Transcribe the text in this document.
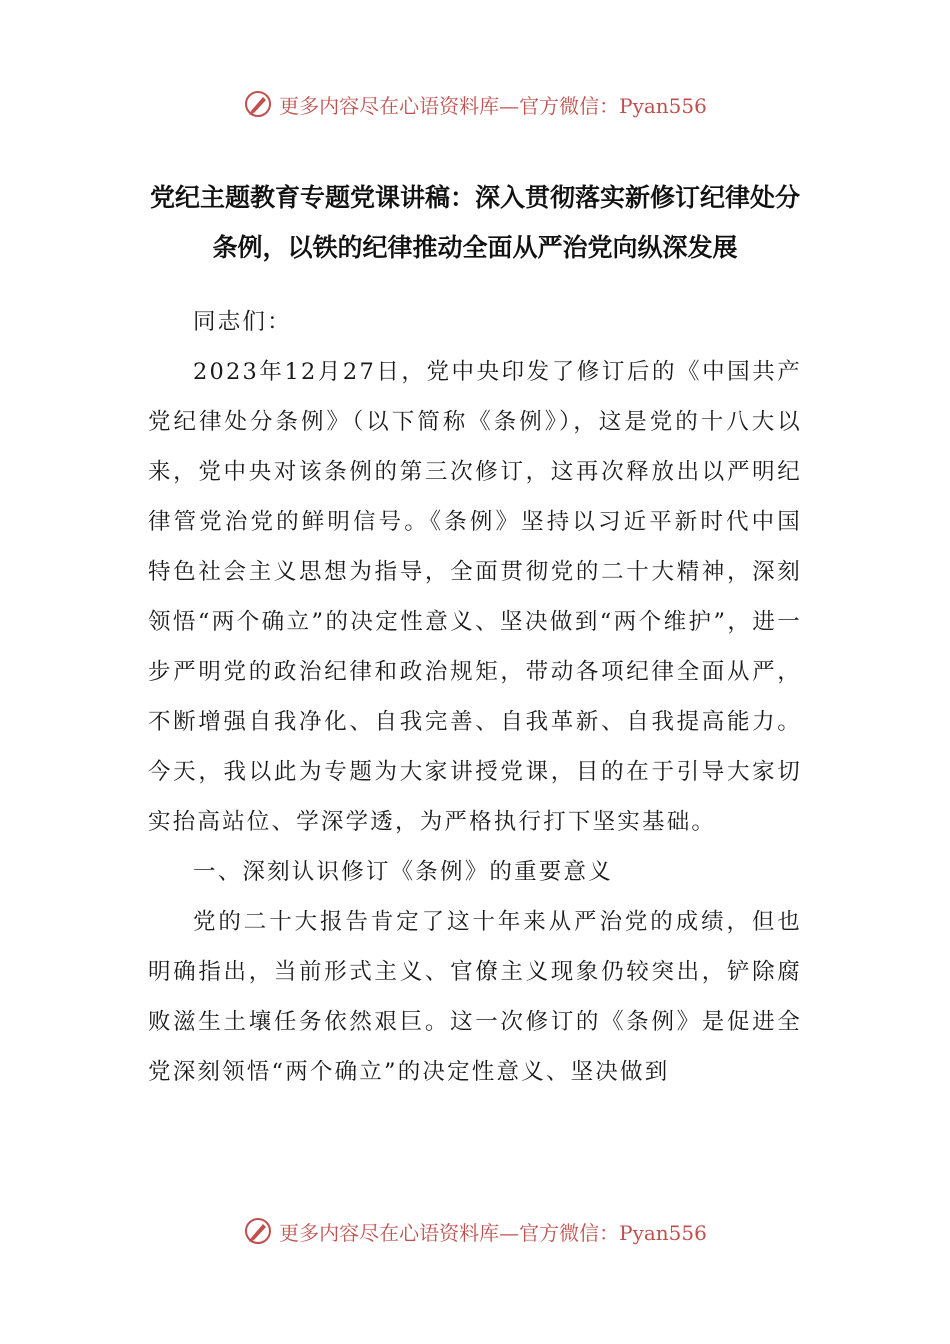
更多内容尽在心语资料库—官方微信：Pyan556
党纪主题教育专题党课讲稿：深入贯彻落实新修订纪律处分条例，以铁的纪律推动全面从严治党向纵深发展

同志们：

2023年12月27日，党中央印发了修订后的《中国共产党纪律处分条例》（以下简称《条例》），这是党的十八大以来，党中央对该条例的第三次修订，这再次释放出以严明纪律管党治党的鲜明信号。《条例》坚持以习近平新时代中国特色社会主义思想为指导，全面贯彻党的二十大精神，深刻领悟“两个确立”的决定性意义、坚决做到“两个维护”，进一步严明党的政治纪律和政治规矩，带动各项纪律全面从严，不断增强自我净化、自我完善、自我革新、自我提高能力。今天，我以此为专题为大家讲授党课，目的在于引导大家切实抬高站位、学深学透，为严格执行打下坚实基础。

一、深刻认识修订《条例》的重要意义

党的二十大报告肯定了这十年来从严治党的成绩，但也明确指出，当前形式主义、官僚主义现象仍较突出，铲除腐败滋生土壤任务依然艰巨。这一次修订的《条例》是促进全党深刻领悟“两个确立”的决定性意义、坚决做到

更多内容尽在心语资料库—官方微信：Pyan556
